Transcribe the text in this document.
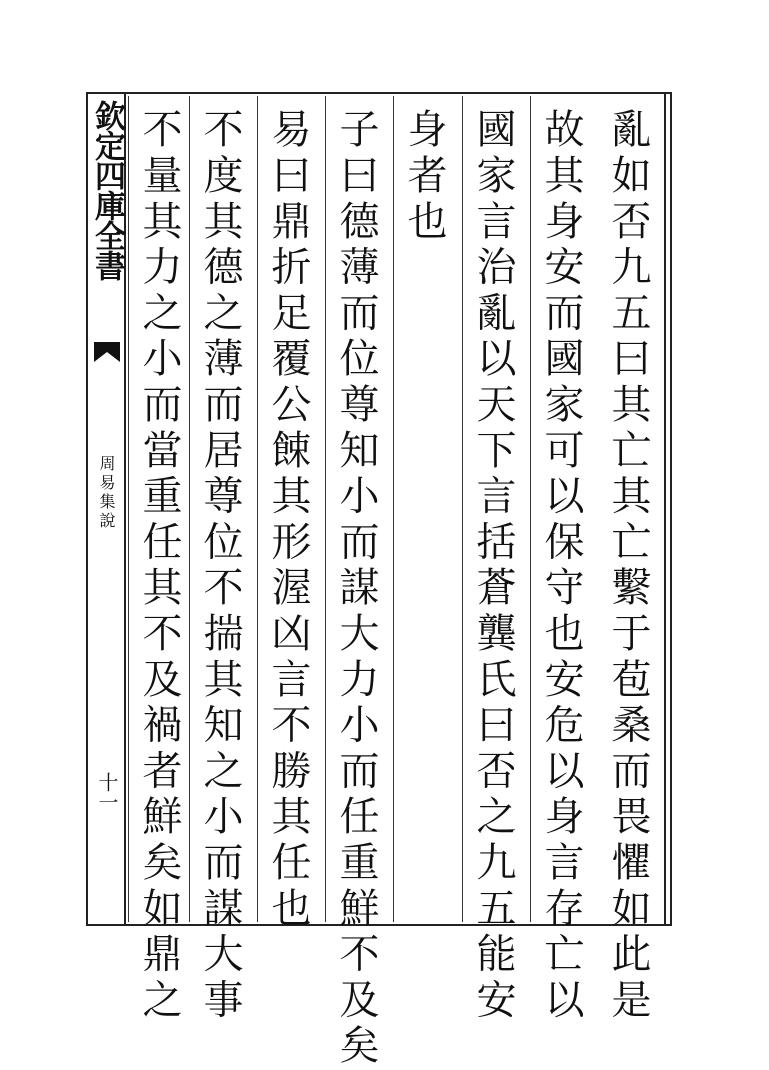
欽定四庫全書
周易集說
十一	亂如否九五曰其亡其亡繫于苞桑而畏懼如此是
故其身安而國家可以保守也安危以身言存亡以
國家言治亂以天下言括蒼龔氏曰否之九五能安
身者也
子曰德薄而位尊知小而謀大力小而任重鮮不及矣
易曰鼎折足覆公餗其形渥凶言不勝其任也
不度其德之薄而居尊位不揣其知之小而謀大事
不量其力之小而當重任其不及禍者鮮矣如鼎之
